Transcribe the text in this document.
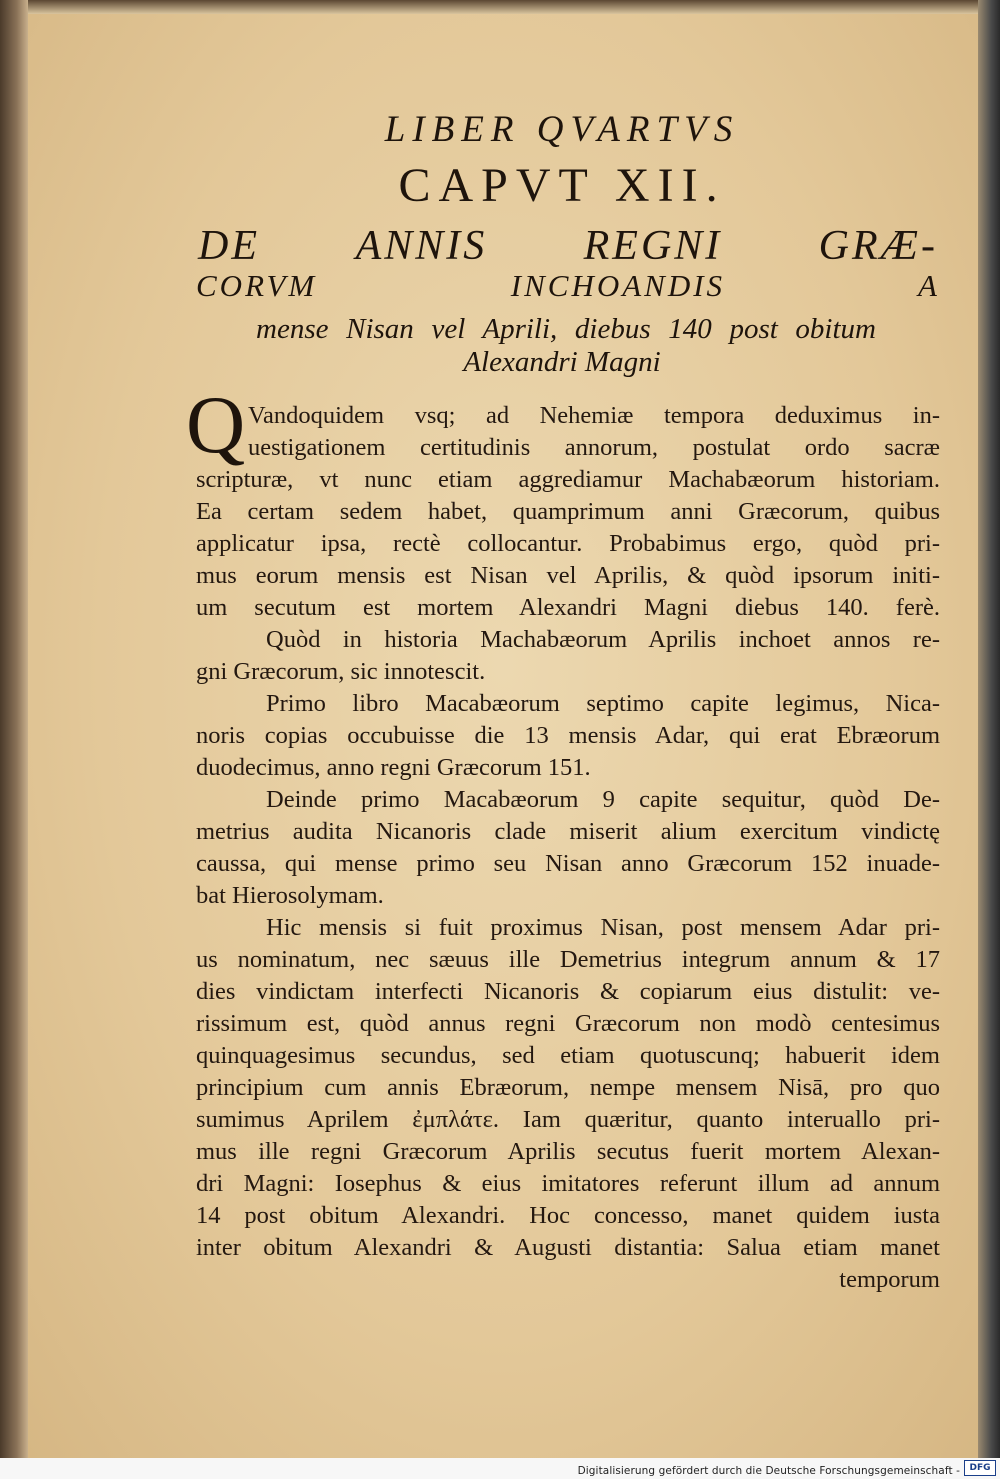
LIBER QVARTVS
CAPVT XII.
DE ANNIS REGNI GRÆ-
CORVM INCHOANDIS A
mense Nisan vel Aprili, diebus 140 post obitum
Alexandri Magni
Q Vandoquidem vsq; ad Nehemiæ tempora deduximus in-
uestigationem certitudinis annorum, postulat ordo sacræ
scripturæ, vt nunc etiam aggrediamur Machabæorum historiam.
Ea certam sedem habet, quamprimum anni Græcorum, quibus
applicatur ipsa, rectè collocantur. Probabimus ergo, quòd pri-
mus eorum mensis est Nisan vel Aprilis, & quòd ipsorum initi-
um secutum est mortem Alexandri Magni diebus 140. ferè.
Quòd in historia Machabæorum Aprilis inchoet annos re-
gni Græcorum, sic innotescit.
Primo libro Macabæorum septimo capite legimus, Nica-
noris copias occubuisse die 13 mensis Adar, qui erat Ebræorum
duodecimus, anno regni Græcorum 151.
Deinde primo Macabæorum 9 capite sequitur, quòd De-
metrius audita Nicanoris clade miserit alium exercitum vindictę
caussa, qui mense primo seu Nisan anno Græcorum 152 inuade-
bat Hierosolymam.
Hic mensis si fuit proximus Nisan, post mensem Adar pri-
us nominatum, nec sæuus ille Demetrius integrum annum & 17
dies vindictam interfecti Nicanoris & copiarum eius distulit: ve-
rissimum est, quòd annus regni Græcorum non modò centesimus
quinquagesimus secundus, sed etiam quotuscunq; habuerit idem
principium cum annis Ebræorum, nempe mensem Nisā, pro quo
sumimus Aprilem ἐμπλάτε. Iam quæritur, quanto interuallo pri-
mus ille regni Græcorum Aprilis secutus fuerit mortem Alexan-
dri Magni: Iosephus & eius imitatores referunt illum ad annum
14 post obitum Alexandri. Hoc concesso, manet quidem iusta
inter obitum Alexandri & Augusti distantia: Salua etiam manet
temporum
Digitalisierung gefördert durch die Deutsche Forschungsgemeinschaft -	DFG
